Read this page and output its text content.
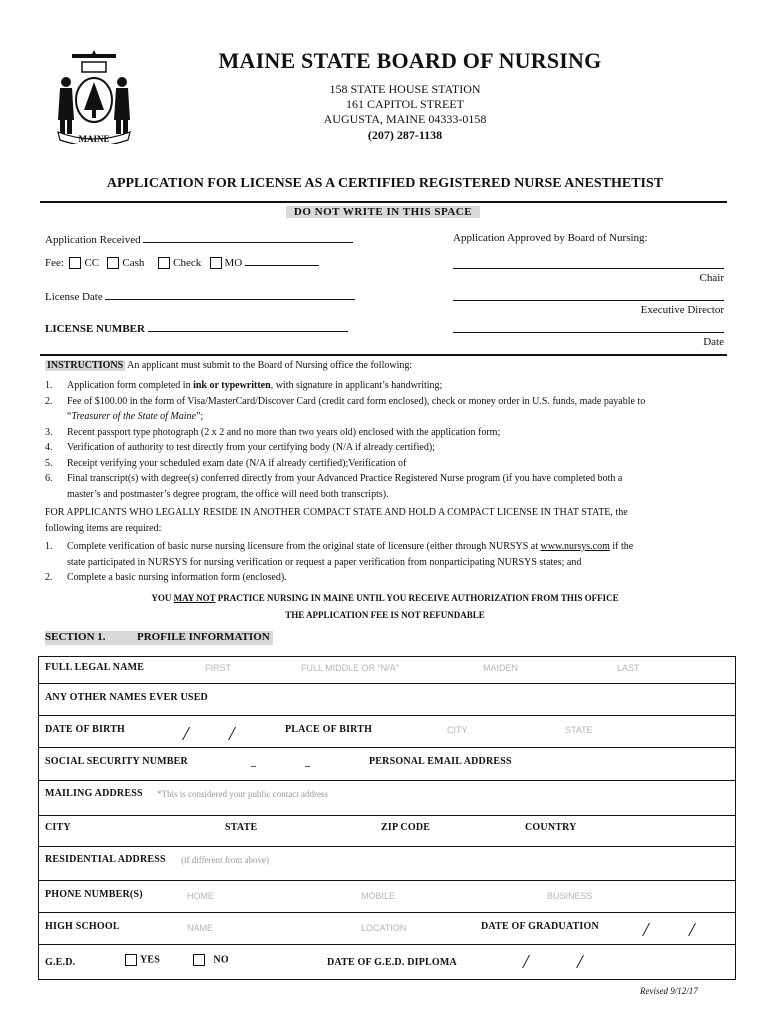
MAINE
MAINE STATE BOARD OF NURSING
158 STATE HOUSE STATION
161 CAPITOL STREET
AUGUSTA, MAINE 04333-0158
(207) 287-1138
APPLICATION FOR LICENSE AS A CERTIFIED REGISTERED NURSE ANESTHETIST
DO NOT WRITE IN THIS SPACE
Application Received
Fee: CC Cash	Check MO
License Date
LICENSE NUMBER
Application Approved by Board of Nursing:
Chair
Executive Director
Date
INSTRUCTIONS An applicant must submit to the Board of Nursing office the following:
1.	Application form completed in ink or typewritten, with signature in applicant’s handwriting;
2.	Fee of $100.00 in the form of Visa/MasterCard/Discover Card (credit card form enclosed), check or money order in U.S. funds, made payable to
“Treasurer of the State of Maine”;
3.	Recent passport type photograph (2 x 2 and no more than two years old) enclosed with the application form;
4.	Verification of authority to test directly from your certifying body (N/A if already certified);
5.	Receipt verifying your scheduled exam date (N/A if already certified);Verification of
6.	Final transcript(s) with degree(s) conferred directly from your Advanced Practice Registered Nurse program (if you have completed both a
master’s and postmaster’s degree program, the office will need both transcripts).
FOR APPLICANTS WHO LEGALLY RESIDE IN ANOTHER COMPACT STATE AND HOLD A COMPACT LICENSE IN THAT STATE, the
following items are required:
1.	Complete verification of basic nurse nursing licensure from the original state of licensure (either through NURSYS at www.nursys.com if the
state participated in NURSYS for nursing verification or request a paper verification from nonparticipating NURSYS states; and
2.	Complete a basic nursing information form (enclosed).
YOU MAY NOT PRACTICE NURSING IN MAINE UNTIL YOU RECEIVE AUTHORIZATION FROM THIS OFFICE
THE APPLICATION FEE IS NOT REFUNDABLE
SECTION 1.	PROFILE INFORMATION
FULL LEGAL NAME	FIRST	FULL MIDDLE OR “N/A”	MAIDEN	LAST
ANY OTHER NAMES EVER USED
DATE OF BIRTH	/ /	PLACE OF BIRTH	CITY	STATE
SOCIAL SECURITY NUMBER	_	_	PERSONAL EMAIL ADDRESS
MAILING ADDRESS *This is considered your public contact address
CITY	STATE	ZIP CODE	COUNTRY
RESIDENTIAL ADDRESS (if different from above)
PHONE NUMBER(S)	HOME	MOBILE	BUSINESS
HIGH SCHOOL	NAME	LOCATION	DATE OF GRADUATION / /
G.E.D.	YES	NO	DATE OF G.E.D. DIPLOMA	/ /
Revised 9/12/17
